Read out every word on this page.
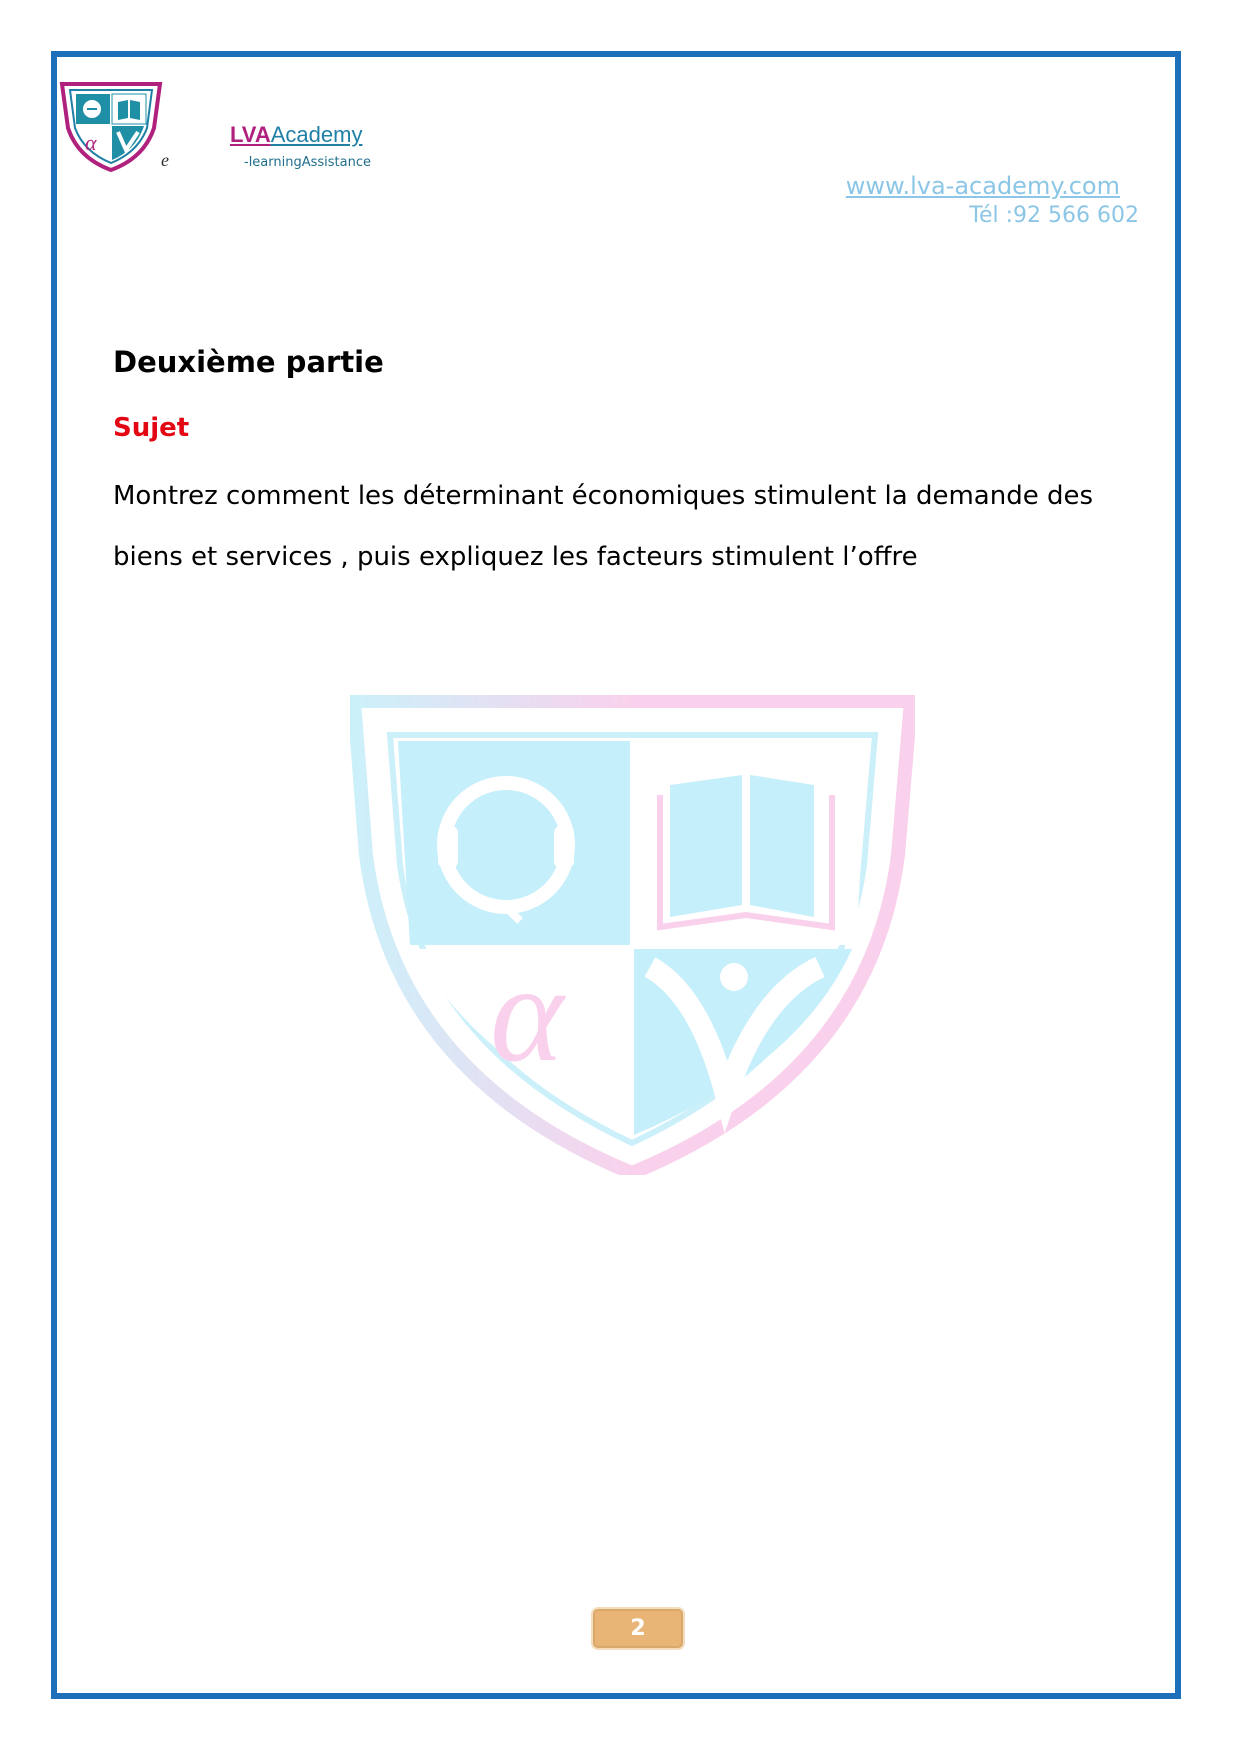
α
e
LVAAcademy
-learningAssistance
www.lva-academy.com
Tél :92 566 602
Deuxième partie
Sujet
Montrez comment les déterminant économiques stimulent la demande des biens et services , puis expliquez les facteurs stimulent l’offre
α
2
